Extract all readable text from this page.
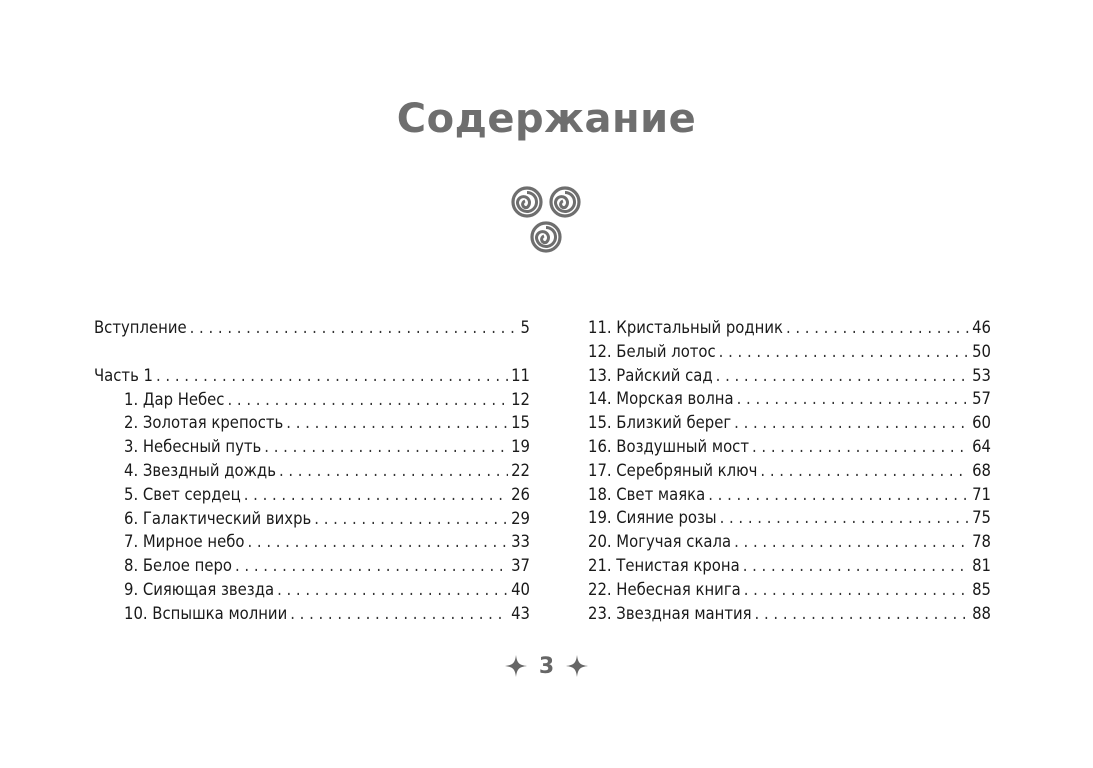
Содержание
Вступление . . .	5
Часть 1 . . .	11
1. Дар Небес . . .	12
2. Золотая крепость . . .	15
3. Небесный путь . . .	19
4. Звездный дождь . . .	22
5. Свет сердец . . .	26
6. Галактический вихрь . . .	29
7. Мирное небо . . .	33
8. Белое перо . . .	37
9. Сияющая звезда . . .	40
10. Вспышка молнии . . .	43
11. Кристальный родник . . .	46
12. Белый лотос . . .	50
13. Райский сад . . .	53
14. Морская волна . . .	57
15. Близкий берег . . .	60
16. Воздушный мост . . .	64
17. Серебряный ключ . . .	68
18. Свет маяка . . .	71
19. Сияние розы . . .	75
20. Могучая скала . . .	78
21. Тенистая крона . . .	81
22. Небесная книга . . .	85
23. Звездная мантия . . .	88
3
